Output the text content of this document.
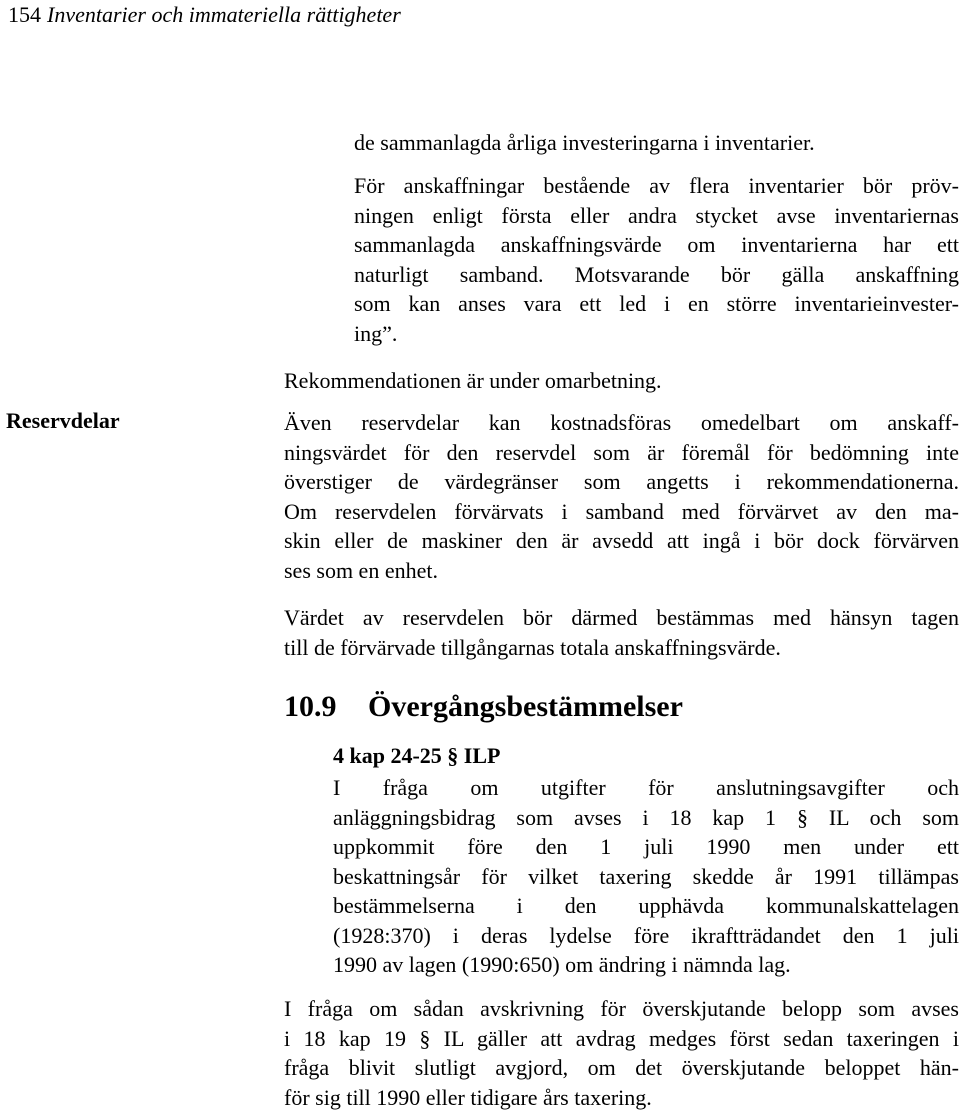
154 Inventarier och immateriella rättigheter
de sammanlagda årliga investeringarna i inventarier.
För anskaffningar bestående av flera inventarier bör pröv-
ningen enligt första eller andra stycket avse inventariernas
sammanlagda anskaffningsvärde om inventarierna har ett
naturligt samband. Motsvarande bör gälla anskaffning
som kan anses vara ett led i en större inventarieinvester-
ing”.
Rekommendationen är under omarbetning.
Reservdelar	Även reservdelar kan kostnadsföras omedelbart om anskaff-
ningsvärdet för den reservdel som är föremål för bedömning inte
överstiger de värdegränser som angetts i rekommendationerna.
Om reservdelen förvärvats i samband med förvärvet av den ma-
skin eller de maskiner den är avsedd att ingå i bör dock förvärven
ses som en enhet.
Värdet av reservdelen bör därmed bestämmas med hänsyn tagen
till de förvärvade tillgångarnas totala anskaffningsvärde.
10.9 Övergångsbestämmelser
4 kap 24-25 § ILP
I fråga om utgifter för anslutningsavgifter och
anläggningsbidrag som avses i 18 kap 1 § IL och som
uppkommit före den 1 juli 1990 men under ett
beskattningsår för vilket taxering skedde år 1991 tillämpas
bestämmelserna i den upphävda kommunalskattelagen
(1928:370) i deras lydelse före ikraftträdandet den 1 juli
1990 av lagen (1990:650) om ändring i nämnda lag.
I fråga om sådan avskrivning för överskjutande belopp som avses
i 18 kap 19 § IL gäller att avdrag medges först sedan taxeringen i
fråga blivit slutligt avgjord, om det överskjutande beloppet hän-
för sig till 1990 eller tidigare års taxering.
